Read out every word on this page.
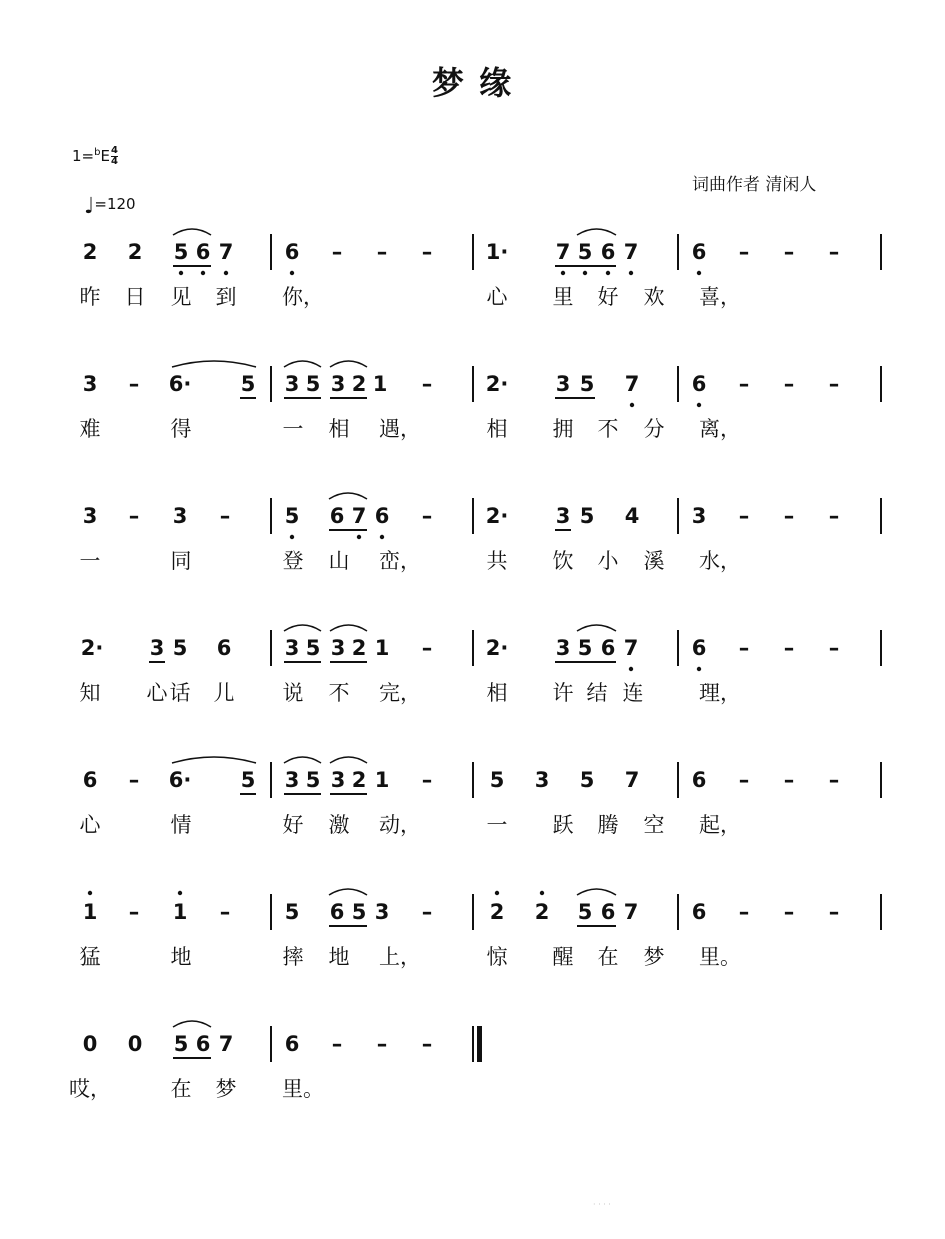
梦 缘
$1=^bE \frac{4}{4}$
♩=120
词曲作者 清闲人
2 2 5 6 7 6 – – –	1· 7 5 6 7	6 – – –
昨 日 见 到 你，	心 里 好 欢 喜，
3 – 6· 5 3 5 3 2 1 –	2· 3 5 7 6 – – –
难	得	一 相 遇，	相 拥 不 分 离，
3 – 3 –	5 6 7 6 –	2· 3 5 4 3 – – –
一	同	登 山 峦，	共 饮 小 溪 水，
2· 3 5 6	3 5 3 2 1 –	2· 3 5 6 7	6 – – –
知 心 话 儿 说 不 完，	相 许 结 连	理，
6 – 6· 5 3 5 3 2 1 –	5 3 5 7 6 – – –
心	情	好 激 动，	一 跃 腾 空 起，
1 – 1 –	5 6 5 3 –	2 2 5 6 7	6 – – –
猛	地	摔 地 上，	惊 醒 在 梦 里。
0 0 5 6 7 6 – – –
哎，	在 梦 里。
· · · ·
